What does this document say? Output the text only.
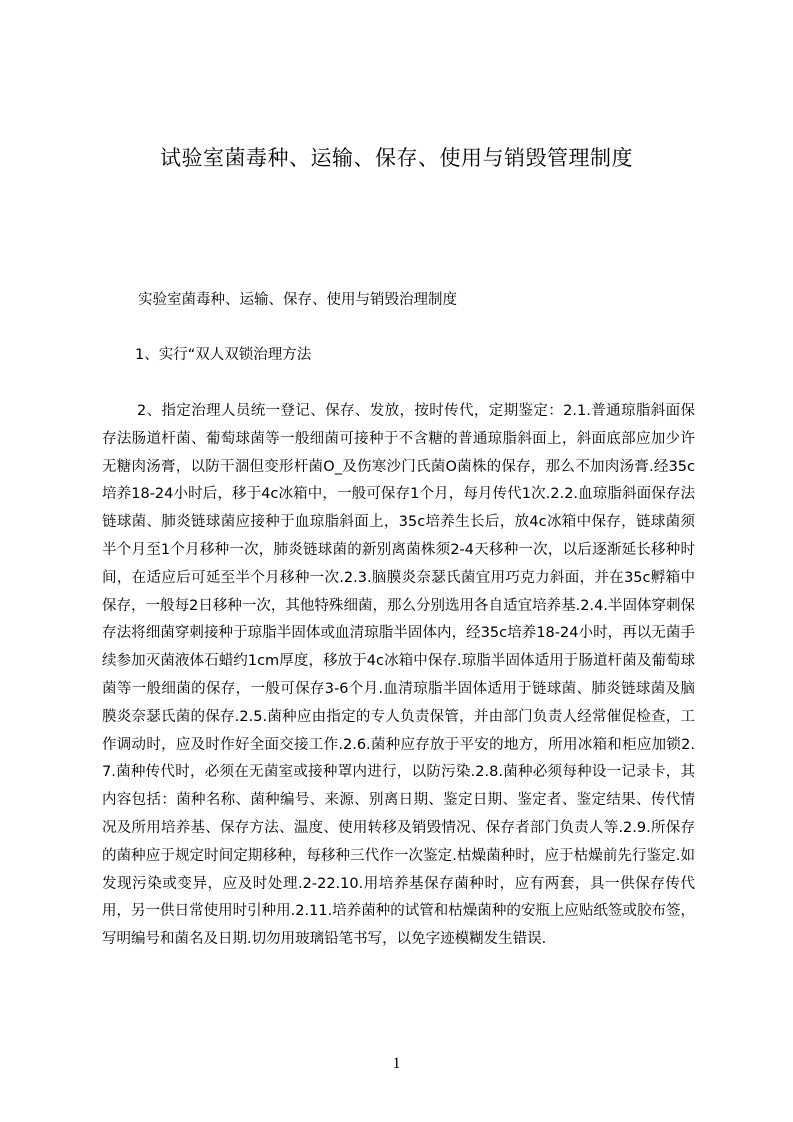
试验室菌毒种、运输、保存、使用与销毁管理制度

实验室菌毒种、运输、保存、使用与销毁治理制度

1、实行“双人双锁治理方法

2、指定治理人员统一登记、保存、发放，按时传代，定期鉴定：2.1.普通琼脂斜面保存法肠道杆菌、葡萄球菌等一般细菌可接种于不含糖的普通琼脂斜面上，斜面底部应加少许无糖肉汤膏，以防干涸但变形杆菌O_及伤寒沙门氏菌O菌株的保存，那么不加肉汤膏.经35c培养18-24小时后，移于4c冰箱中，一般可保存1个月，每月传代1次.2.2.血琼脂斜面保存法链球菌、肺炎链球菌应接种于血琼脂斜面上，35c培养生长后，放4c冰箱中保存，链球菌须半个月至1个月移种一次，肺炎链球菌的新别离菌株须2-4天移种一次，以后逐渐延长移种时间，在适应后可延至半个月移种一次.2.3.脑膜炎奈瑟氏菌宜用巧克力斜面，并在35c孵箱中保存，一般每2日移种一次，其他特殊细菌，那么分别选用各自适宜培养基.2.4.半固体穿刺保存法将细菌穿刺接种于琼脂半固体或血清琼脂半固体内，经35c培养18-24小时，再以无菌手续参加灭菌液体石蜡约1cm厚度，移放于4c冰箱中保存.琼脂半固体适用于肠道杆菌及葡萄球菌等一般细菌的保存，一般可保存3-6个月.血清琼脂半固体适用于链球菌、肺炎链球菌及脑膜炎奈瑟氏菌的保存.2.5.菌种应由指定的专人负责保管，并由部门负责人经常催促检查，工作调动时，应及时作好全面交接工作.2.6.菌种应存放于平安的地方，所用冰箱和柜应加锁2.7.菌种传代时，必须在无菌室或接种罩内进行，以防污染.2.8.菌种必须每种设一记录卡，其内容包括：菌种名称、菌种编号、来源、别离日期、鉴定日期、鉴定者、鉴定结果、传代情况及所用培养基、保存方法、温度、使用转移及销毁情况、保存者部门负责人等.2.9.所保存的菌种应于规定时间定期移种，每移种三代作一次鉴定.枯燥菌种时，应于枯燥前先行鉴定.如发现污染或变异，应及时处理.2-22.10.用培养基保存菌种时，应有两套，具一供保存传代用，另一供日常使用时引种用.2.11.培养菌种的试管和枯燥菌种的安瓶上应贴纸签或胶布签，写明编号和菌名及日期.切勿用玻璃铅笔书写，以免字迹模糊发生错误.

1
